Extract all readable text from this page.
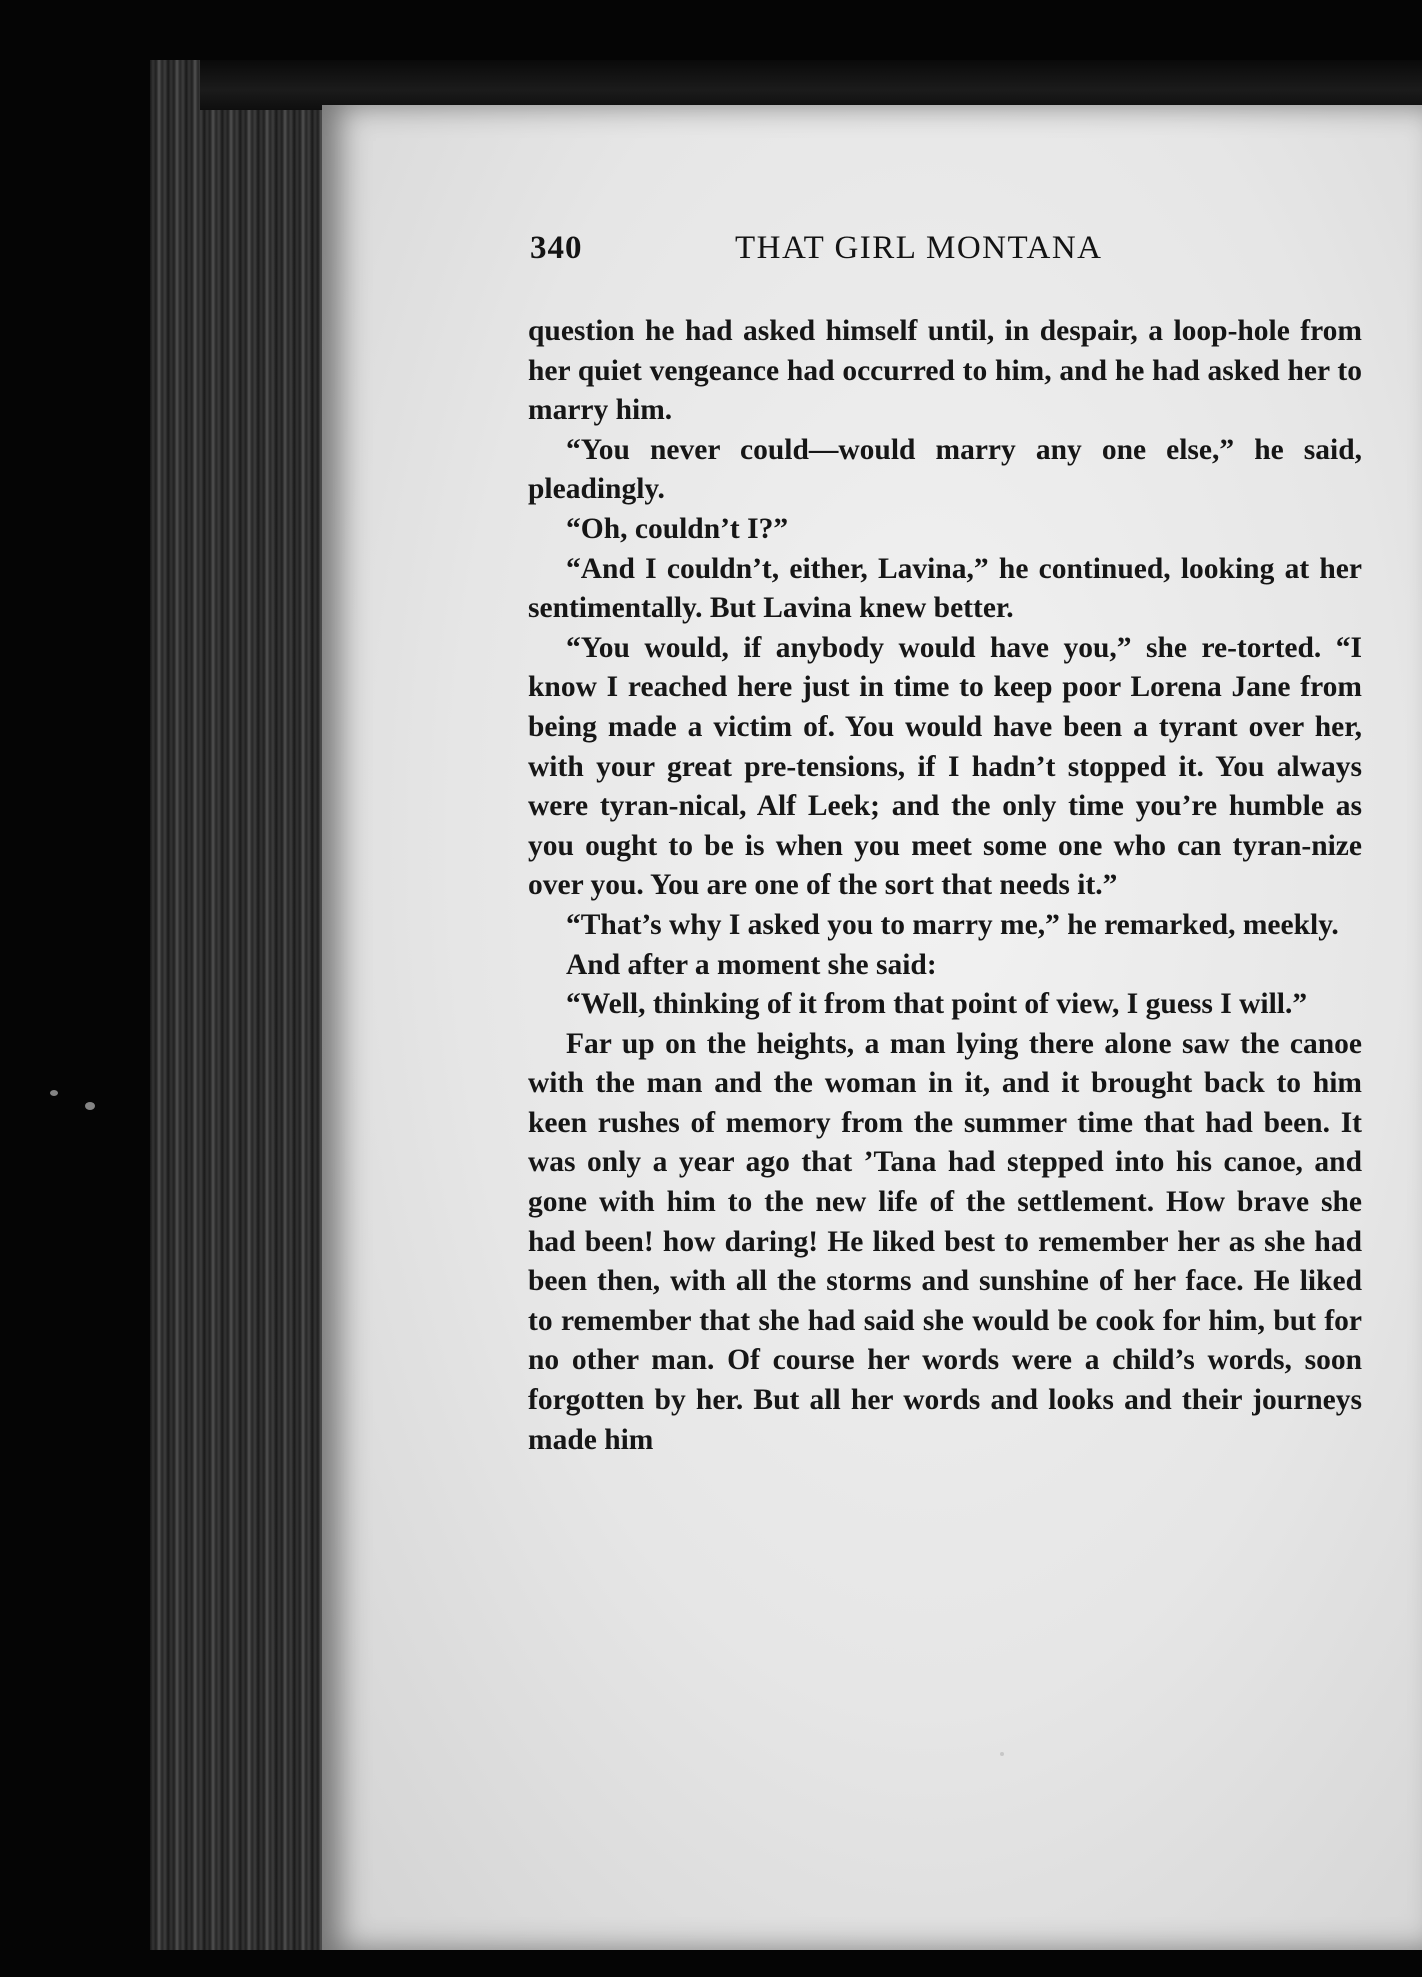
340	THAT GIRL MONTANA

question he had asked himself until, in despair, a loop-hole from her quiet vengeance had occurred to him, and he had asked her to marry him.

“You never could—would marry any one else,” he said, pleadingly.

“Oh, couldn’t I?”

“And I couldn’t, either, Lavina,” he continued, looking at her sentimentally. But Lavina knew better.

“You would, if anybody would have you,” she re-torted. “I know I reached here just in time to keep poor Lorena Jane from being made a victim of. You would have been a tyrant over her, with your great pre-tensions, if I hadn’t stopped it. You always were tyran-nical, Alf Leek; and the only time you’re humble as you ought to be is when you meet some one who can tyran-nize over you. You are one of the sort that needs it.”

“That’s why I asked you to marry me,” he remarked, meekly.

And after a moment she said:

“Well, thinking of it from that point of view, I guess I will.”

Far up on the heights, a man lying there alone saw the canoe with the man and the woman in it, and it brought back to him keen rushes of memory from the summer time that had been. It was only a year ago that ’Tana had stepped into his canoe, and gone with him to the new life of the settlement. How brave she had been! how daring! He liked best to remember her as she had been then, with all the storms and sunshine of her face. He liked to remember that she had said she would be cook for him, but for no other man. Of course her words were a child’s words, soon forgotten by her. But all her words and looks and their journeys made him
